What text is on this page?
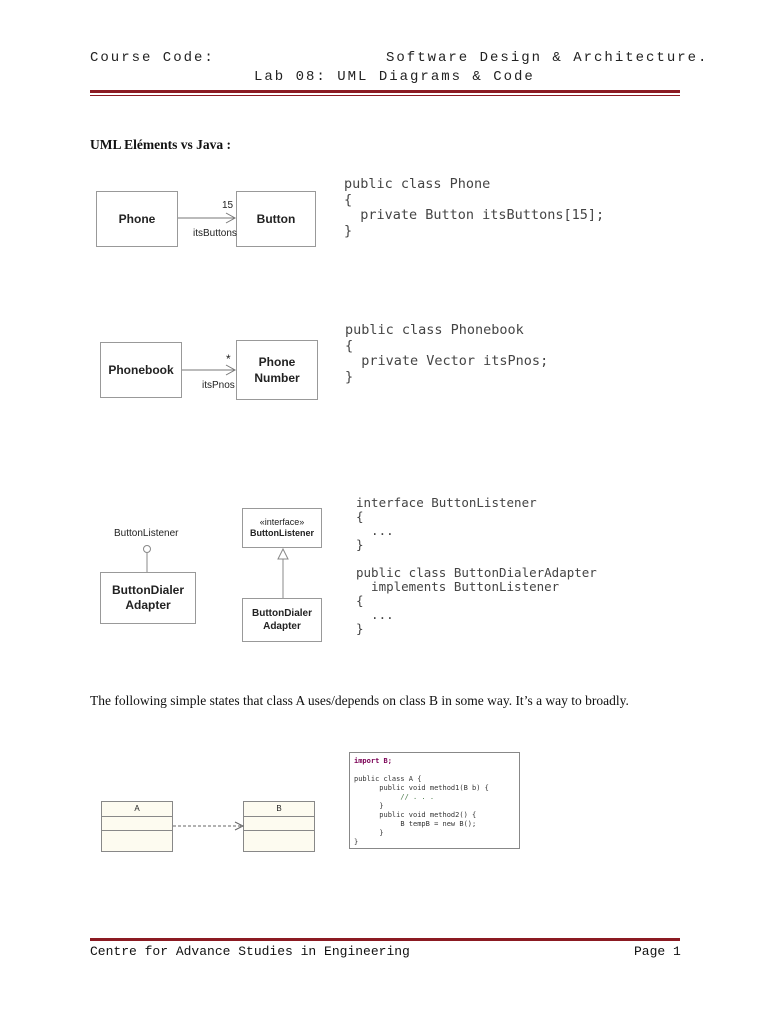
Course Code:	Software Design & Architecture.
Lab 08: UML Diagrams & Code
UML Eléments vs Java :
Phone	Button
15
itsButtons
public class Phone
{
private Button itsButtons[15];
}
Phonebook
Phone
Number
*
itsPnos
public class Phonebook
{
private Vector itsPnos;
}
ButtonListener
ButtonDialer
Adapter
«interface»
ButtonListener
ButtonDialer
Adapter
interface ButtonListener
{
...
}

public class ButtonDialerAdapter
implements ButtonListener
{
...
}
The following simple states that class A uses/depends on class B in some way. It’s a way to broadly.
A	B
import B;

public class A {
public void method1(B b) {
// . . .
}
public void method2() {
B tempB = new B();
}
}
Centre for Advance Studies in Engineering	Page 1
